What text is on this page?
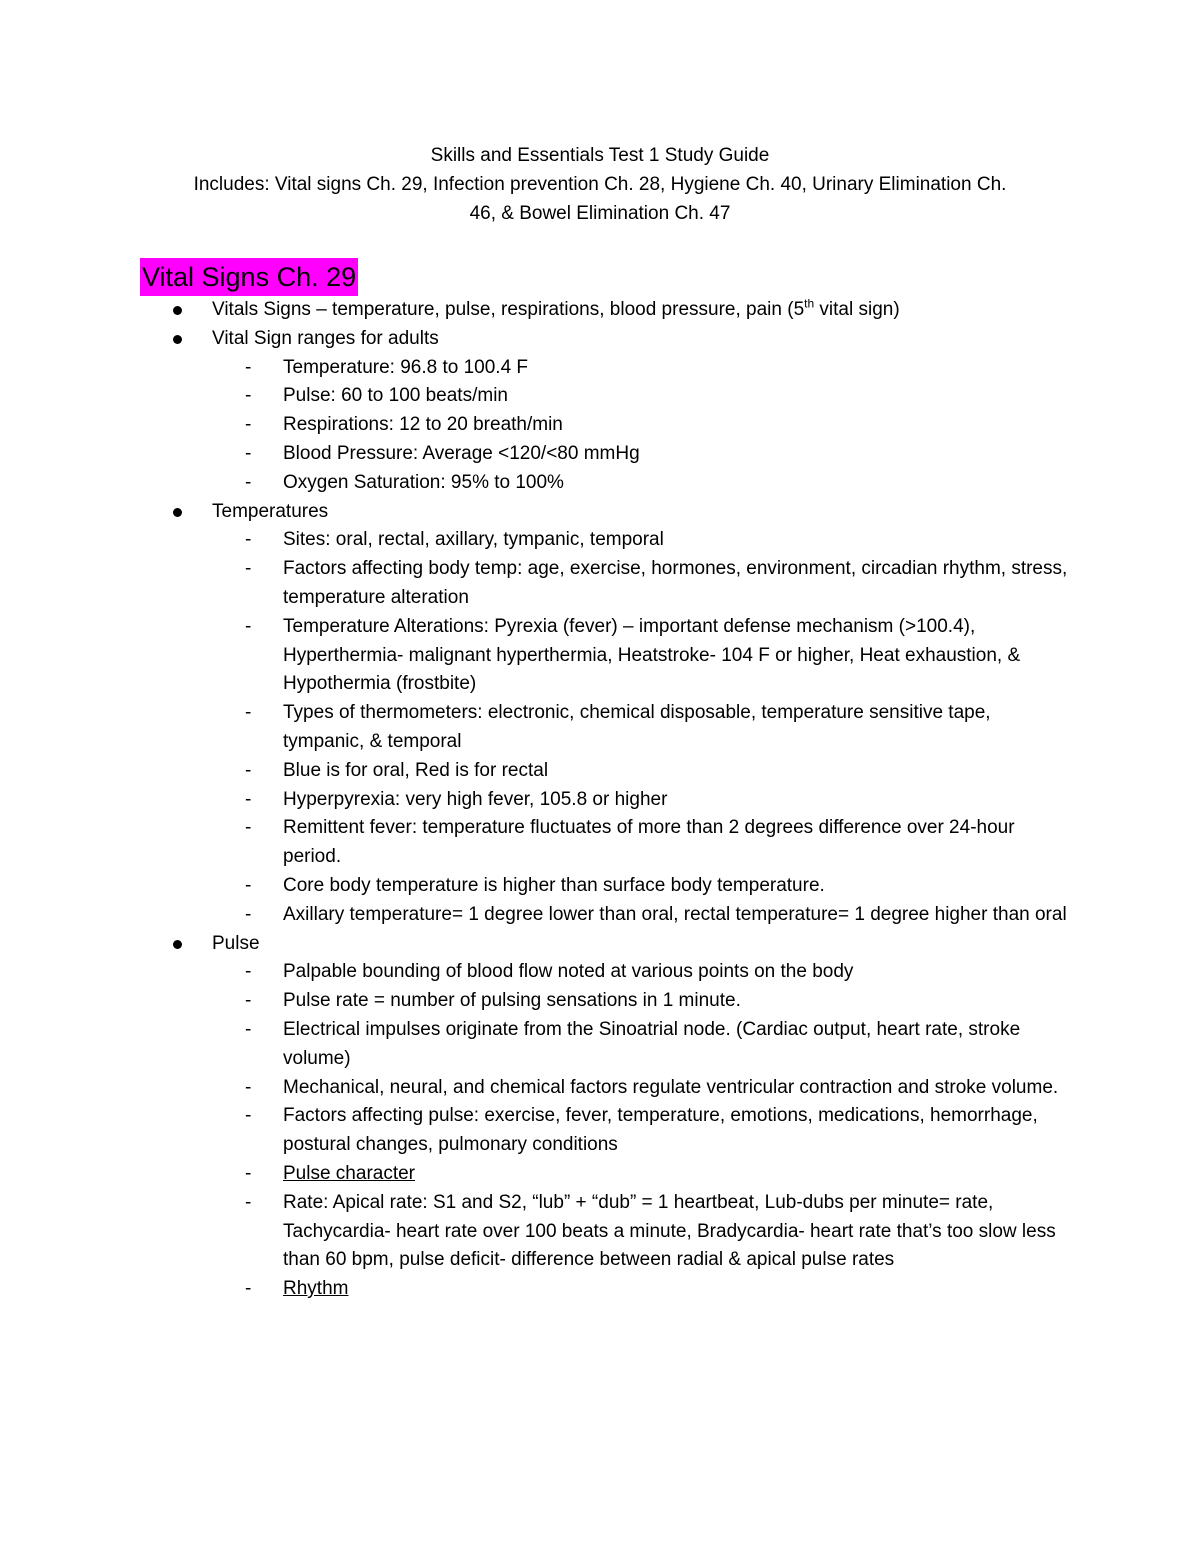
Skills and Essentials Test 1 Study Guide
Includes: Vital signs Ch. 29, Infection prevention Ch. 28, Hygiene Ch. 40, Urinary Elimination Ch.
46, & Bowel Elimination Ch. 47
Vital Signs Ch. 29
Vitals Signs – temperature, pulse, respirations, blood pressure, pain (5th vital sign)
Vital Sign ranges for adults
- Temperature: 96.8 to 100.4 F
- Pulse: 60 to 100 beats/min
- Respirations: 12 to 20 breath/min
- Blood Pressure: Average <120/<80 mmHg
- Oxygen Saturation: 95% to 100%
Temperatures
- Sites: oral, rectal, axillary, tympanic, temporal
- Factors affecting body temp: age, exercise, hormones, environment, circadian rhythm, stress, temperature alteration
- Temperature Alterations: Pyrexia (fever) – important defense mechanism (>100.4), Hyperthermia- malignant hyperthermia, Heatstroke- 104 F or higher, Heat exhaustion, & Hypothermia (frostbite)
- Types of thermometers: electronic, chemical disposable, temperature sensitive tape, tympanic, & temporal
- Blue is for oral, Red is for rectal
- Hyperpyrexia: very high fever, 105.8 or higher
- Remittent fever: temperature fluctuates of more than 2 degrees difference over 24-hour period.
- Core body temperature is higher than surface body temperature.
- Axillary temperature= 1 degree lower than oral, rectal temperature= 1 degree higher than oral
Pulse
- Palpable bounding of blood flow noted at various points on the body
- Pulse rate = number of pulsing sensations in 1 minute.
- Electrical impulses originate from the Sinoatrial node. (Cardiac output, heart rate, stroke volume)
- Mechanical, neural, and chemical factors regulate ventricular contraction and stroke volume.
- Factors affecting pulse: exercise, fever, temperature, emotions, medications, hemorrhage, postural changes, pulmonary conditions
- Pulse character
- Rate: Apical rate: S1 and S2, “lub” + “dub” = 1 heartbeat, Lub-dubs per minute= rate, Tachycardia- heart rate over 100 beats a minute, Bradycardia- heart rate that’s too slow less than 60 bpm, pulse deficit- difference between radial & apical pulse rates
- Rhythm
